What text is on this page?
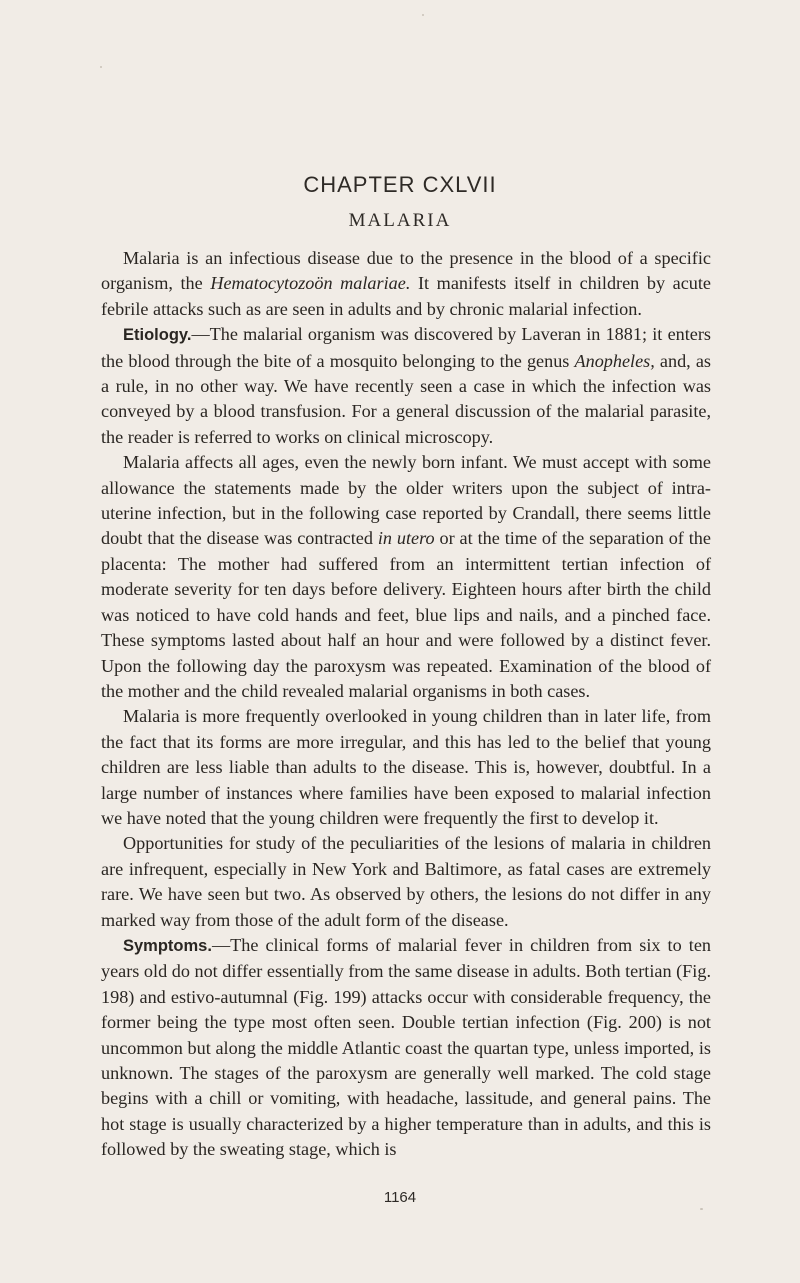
CHAPTER CXLVII
MALARIA

Malaria is an infectious disease due to the presence in the blood of a specific organism, the Hematocytozoön malariae. It manifests itself in children by acute febrile attacks such as are seen in adults and by chronic malarial infection.

Etiology.—The malarial organism was discovered by Laveran in 1881; it enters the blood through the bite of a mosquito belonging to the genus Anopheles, and, as a rule, in no other way. We have recently seen a case in which the infection was conveyed by a blood transfusion. For a general discussion of the malarial parasite, the reader is referred to works on clinical microscopy.

Malaria affects all ages, even the newly born infant. We must accept with some allowance the statements made by the older writers upon the subject of intra-uterine infection, but in the following case reported by Crandall, there seems little doubt that the disease was contracted in utero or at the time of the separation of the placenta: The mother had suffered from an intermittent tertian infection of moderate severity for ten days before delivery. Eighteen hours after birth the child was noticed to have cold hands and feet, blue lips and nails, and a pinched face. These symptoms lasted about half an hour and were followed by a distinct fever. Upon the following day the paroxysm was repeated. Examination of the blood of the mother and the child revealed malarial organisms in both cases.

Malaria is more frequently overlooked in young children than in later life, from the fact that its forms are more irregular, and this has led to the belief that young children are less liable than adults to the disease. This is, however, doubtful. In a large number of instances where families have been exposed to malarial infection we have noted that the young children were frequently the first to develop it.

Opportunities for study of the peculiarities of the lesions of malaria in children are infrequent, especially in New York and Baltimore, as fatal cases are extremely rare. We have seen but two. As observed by others, the lesions do not differ in any marked way from those of the adult form of the disease.

Symptoms.—The clinical forms of malarial fever in children from six to ten years old do not differ essentially from the same disease in adults. Both tertian (Fig. 198) and estivo-autumnal (Fig. 199) attacks occur with considerable frequency, the former being the type most often seen. Double tertian infection (Fig. 200) is not uncommon but along the middle Atlantic coast the quartan type, unless imported, is unknown. The stages of the paroxysm are generally well marked. The cold stage begins with a chill or vomiting, with headache, lassitude, and general pains. The hot stage is usually characterized by a higher temperature than in adults, and this is followed by the sweating stage, which is

1164
